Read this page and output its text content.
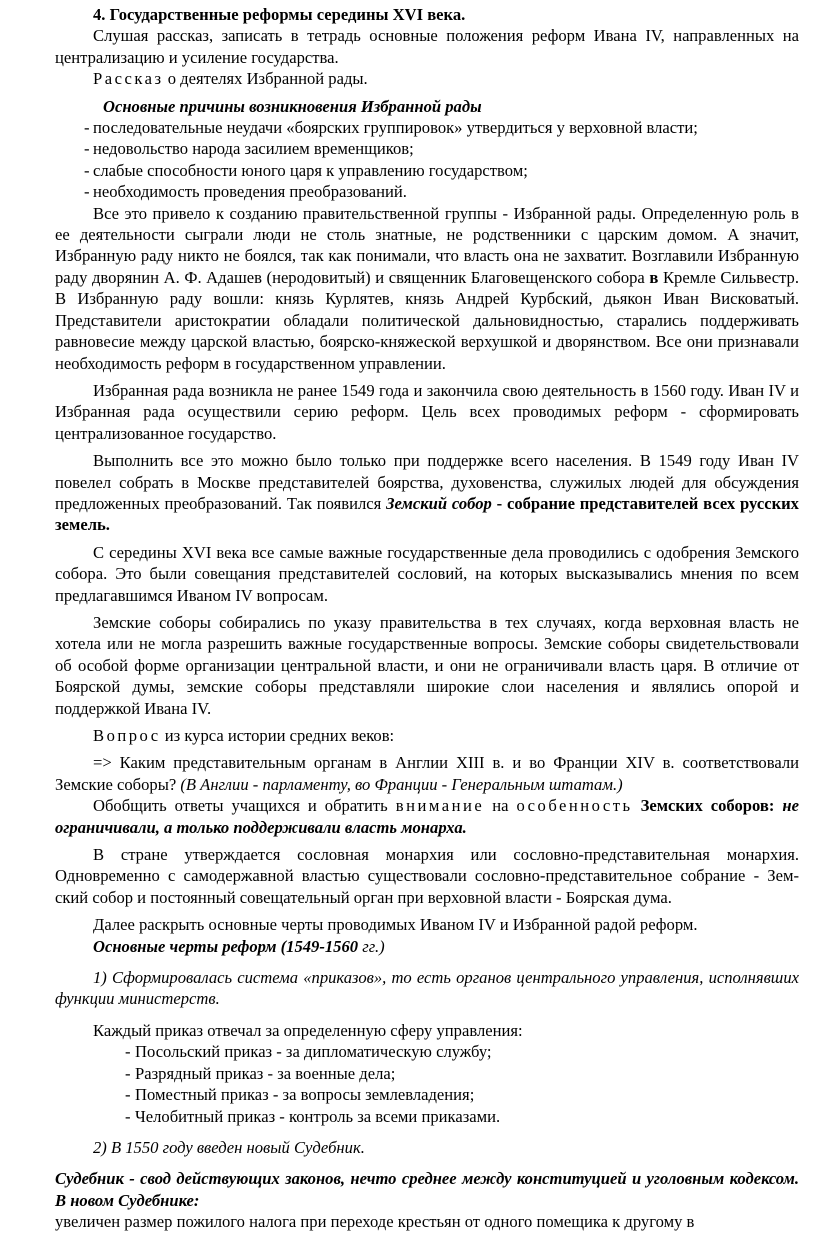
4. Государственные реформы середины XVI века.

Слушая рассказ, записать в тетрадь основные положения реформ Ивана IV, направленных на централизацию и усиление государства.

Рассказ о деятелях Избранной рады.

Основные причины возникновения Избранной рады

- последовательные неудачи «боярских группировок» утвердиться у верховной власти;
- недовольство народа засилием временщиков;
- слабые способности юного царя к управлению государством;
- необходимость проведения преобразований.

Все это привело к созданию правительственной группы - Избранной рады. Определенную роль в ее деятельности сыграли люди не столь знатные, не родственники с царским домом. А значит, Избранную раду никто не боялся, так как понимали, что власть она не захватит. Возглавили Избранную раду дворянин А. Ф. Адашев (неродовитый) и священник Благовещенского собора в Кремле Сильвестр. В Избранную раду вошли: князь Курлятев, князь Андрей Курбский, дьякон Иван Висковатый. Представители аристократии обладали политической дальновидностью, старались поддерживать равновесие между царской властью, боярско-княжеской верхушкой и дворянством. Все они признавали необходимость реформ в государственном управлении.

Избранная рада возникла не ранее 1549 года и закончила свою деятельность в 1560 году. Иван IV и Избранная рада осуществили серию реформ. Цель всех проводимых реформ - сформировать централизованное государство.

Выполнить все это можно было только при поддержке всего населения. В 1549 году Иван IV повелел собрать в Москве представителей боярства, духовенства, служилых людей для обсуждения предложенных преобразований. Так появился Земский собор - собрание представителей всех русских земель.

С середины XVI века все самые важные государственные дела проводились с одобрения Земского собора. Это были совещания представителей сословий, на которых высказывались мнения по всем предлагавшимся Иваном IV вопросам.

Земские соборы собирались по указу правительства в тех случаях, когда верховная власть не хотела или не могла разрешить важные государственные вопросы. Земские соборы свидетельствовали об особой форме организации центральной власти, и они не ограничивали власть царя. В отличие от Боярской думы, земские соборы представляли широкие слои населения и являлись опорой и поддержкой Ивана IV.

Вопрос из курса истории средних веков:

=> Каким представительным органам в Англии XIII в. и во Франции XIV в. соответствовали Земские соборы? (В Англии - парламенту, во Франции - Генеральным штатам.)

Обобщить ответы учащихся и обратить внимание на особенность Земских соборов: не ограничивали, а только поддерживали власть монарха.

В стране утверждается сословная монархия или сословно-представительная монархия. Одновременно с самодержавной властью существовали сословно-представительное собрание - Зем-ский собор и постоянный совещательный орган при верховной власти - Боярская дума.

Далее раскрыть основные черты проводимых Иваном IV и Избранной радой реформ.

Основные черты реформ (1549-1560 гг.)

1) Сформировалась система «приказов», то есть органов центрального управления, исполнявших функции министерств.

Каждый приказ отвечал за определенную сферу управления:

- Посольский приказ - за дипломатическую службу;
- Разрядный приказ - за военные дела;
- Поместный приказ - за вопросы землевладения;
- Челобитный приказ - контроль за всеми приказами.

2) В 1550 году введен новый Судебник.

Судебник - свод действующих законов, нечто среднее между конституцией и уголовным кодексом. В новом Судебнике:

увеличен размер пожилого налога при переходе крестьян от одного помещика к другому в
